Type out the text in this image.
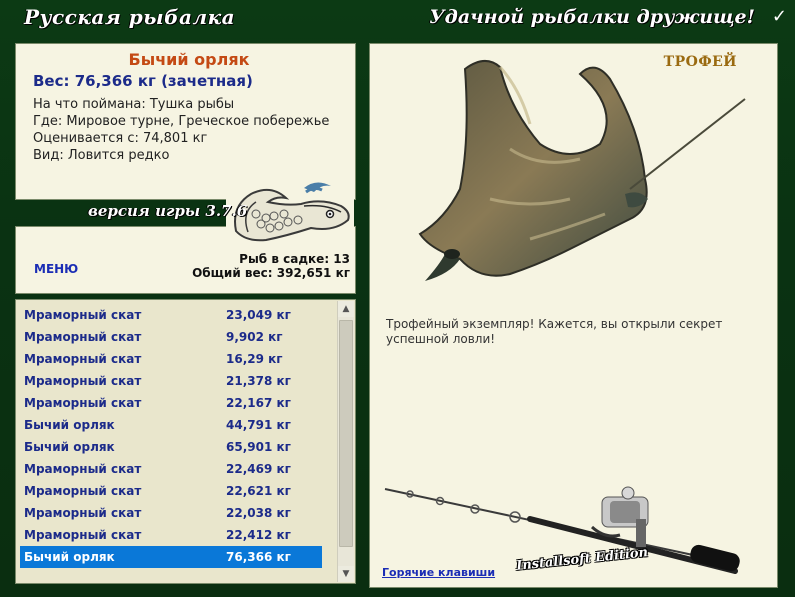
Русская рыбалка	Удачной рыбалки дружище! ✓
Бычий орляк
Вес: 76,366 кг (зачетная)
На что поймана: Тушка рыбы
Где: Мировое турне, Греческое побережье
Оценивается с: 74,801 кг
Вид: Ловится редко
МЕНЮ
Рыб в садке: 13
Общий вес: 392,651 кг
версия игры 3.7.6
Мраморный скат	23,049 кг
Мраморный скат	9,902 кг
Мраморный скат	16,29 кг
Мраморный скат	21,378 кг
Мраморный скат	22,167 кг
Бычий орляк	44,791 кг
Бычий орляк	65,901 кг
Мраморный скат	22,469 кг
Мраморный скат	22,621 кг
Мраморный скат	22,038 кг
Мраморный скат	22,412 кг
Бычий орляк	76,366 кг
▲
▼
ТРОФЕЙ
Трофейный экземпляр! Кажется, вы открыли секрет успешной ловли!
Горячие клавиши Installsoft Edition
